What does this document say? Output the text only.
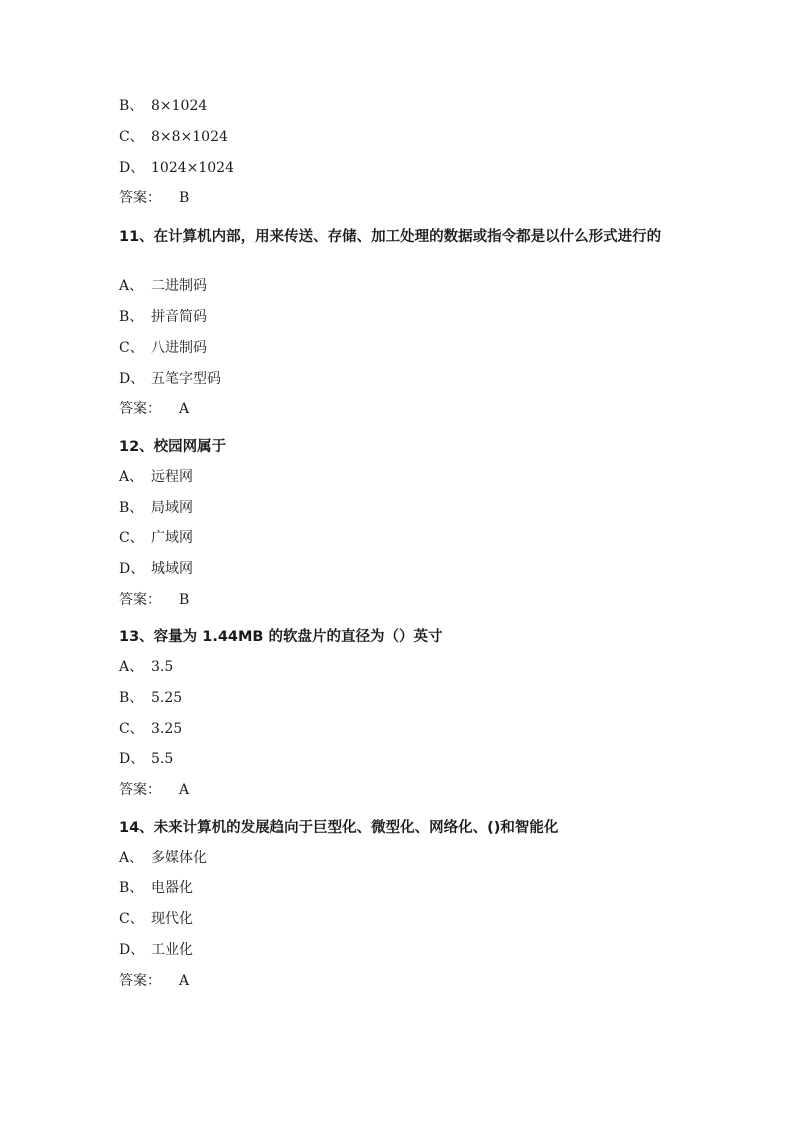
B、 8×1024
C、 8×8×1024
D、 1024×1024
答案： B
11、在计算机内部，用来传送、存储、加工处理的数据或指令都是以什么形式进行的
A、 二进制码
B、 拼音简码
C、 八进制码
D、 五笔字型码
答案： A
12、校园网属于
A、 远程网
B、 局域网
C、 广域网
D、 城域网
答案： B
13、容量为 1.44MB 的软盘片的直径为（）英寸
A、 3.5
B、 5.25
C、 3.25
D、 5.5
答案： A
14、未来计算机的发展趋向于巨型化、微型化、网络化、()和智能化
A、 多媒体化
B、 电器化
C、 现代化
D、 工业化
答案： A
